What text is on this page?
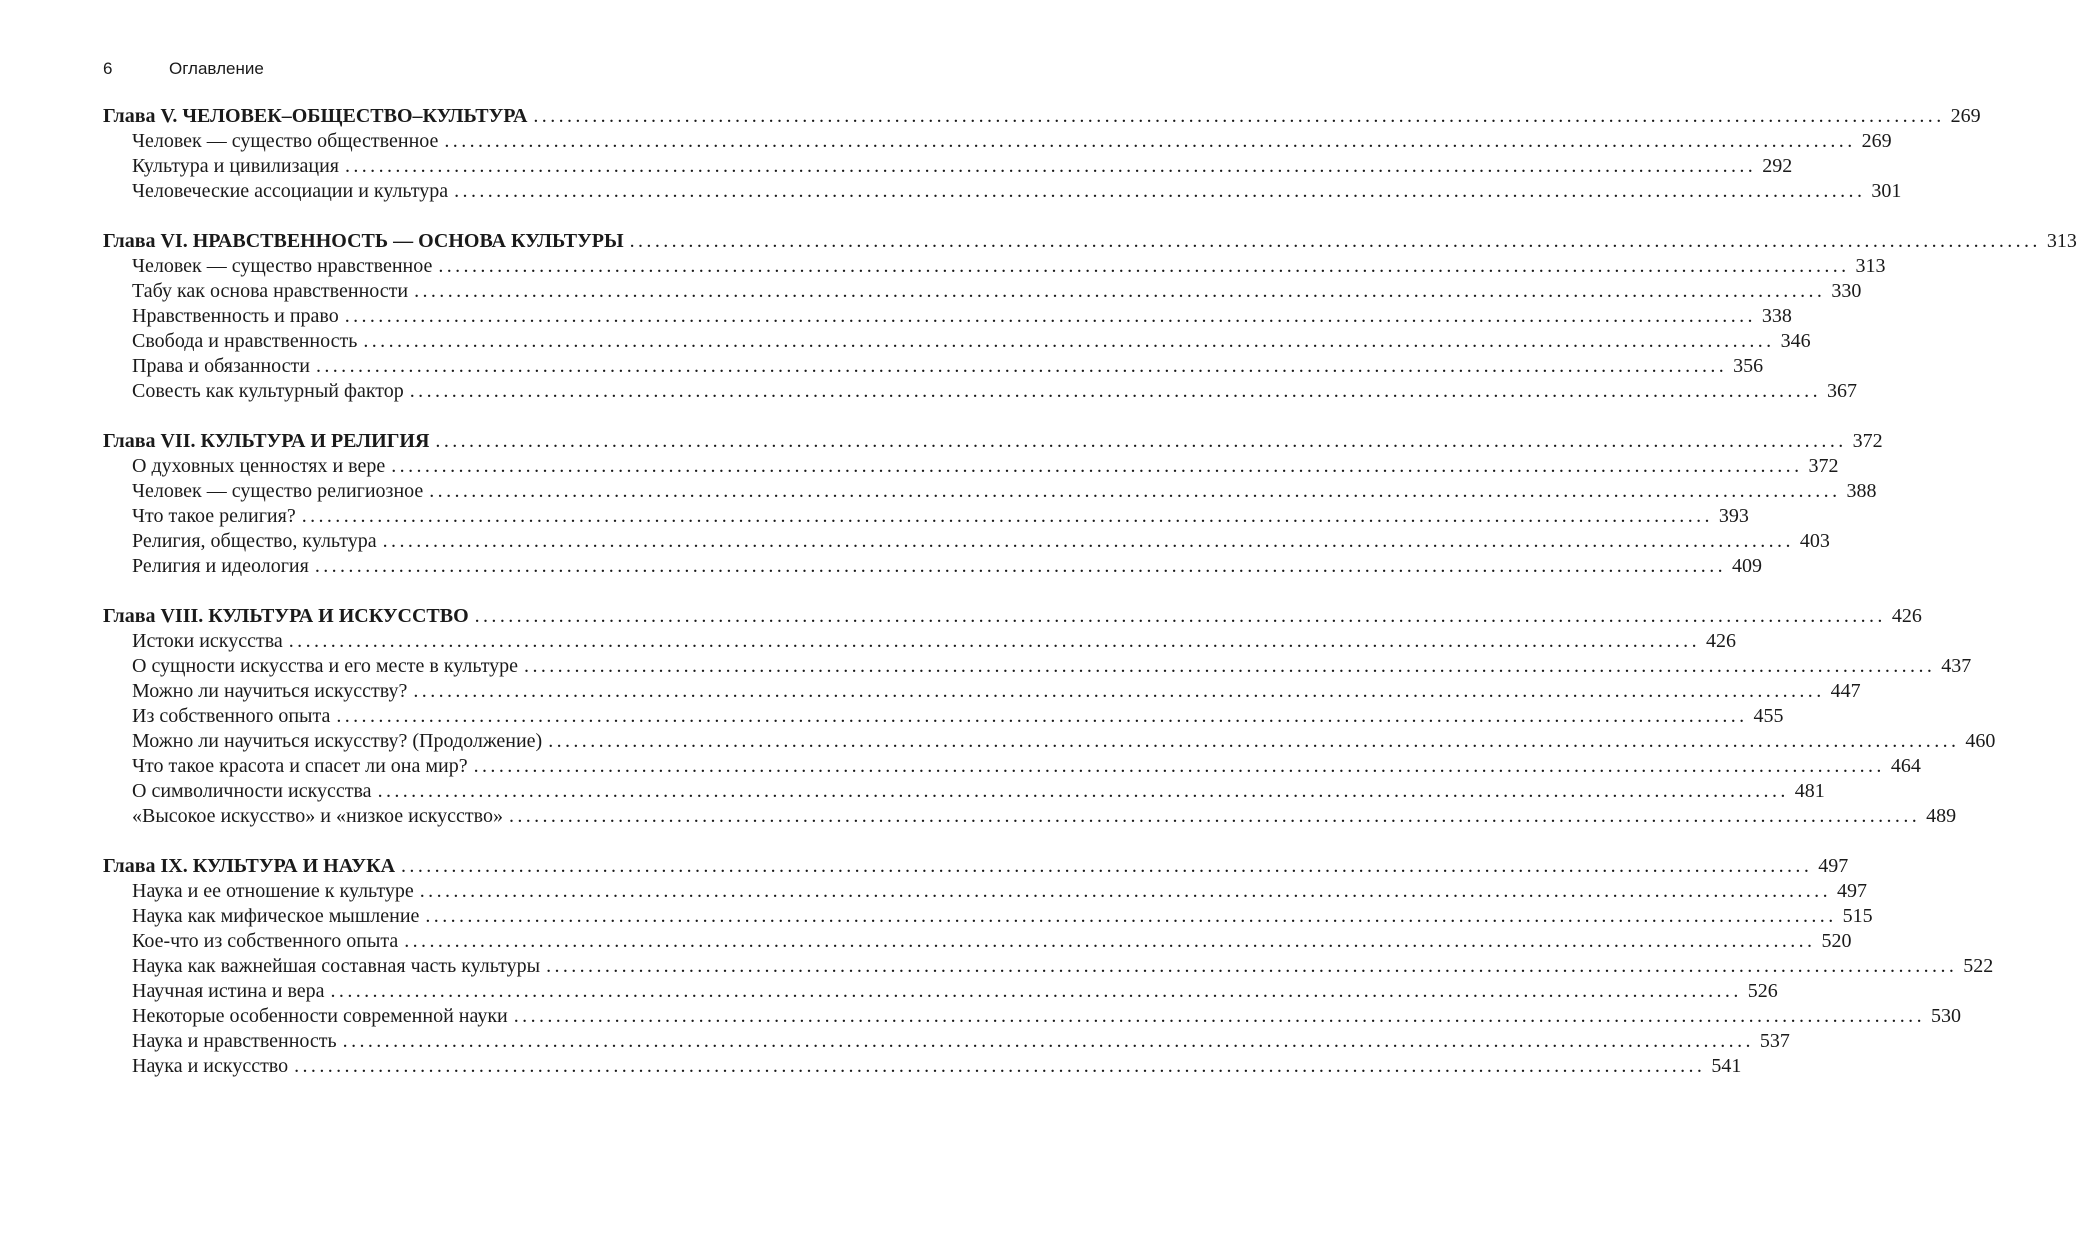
6	Оглавление
Глава V. ЧЕЛОВЕК–ОБЩЕСТВО–КУЛЬТУРА ........................................................................................................................................................................ 269
Человек — существо общественное ........................................................................................................................................................................ 269
Культура и цивилизация ........................................................................................................................................................................ 292
Человеческие ассоциации и культура ........................................................................................................................................................................ 301
Глава VI. НРАВСТВЕННОСТЬ — ОСНОВА КУЛЬТУРЫ ........................................................................................................................................................................ 313
Человек — существо нравственное ........................................................................................................................................................................ 313
Табу как основа нравственности ........................................................................................................................................................................ 330
Нравственность и право ........................................................................................................................................................................ 338
Свобода и нравственность ........................................................................................................................................................................ 346
Права и обязанности ........................................................................................................................................................................ 356
Совесть как культурный фактор ........................................................................................................................................................................ 367
Глава VII. КУЛЬТУРА И РЕЛИГИЯ ........................................................................................................................................................................ 372
О духовных ценностях и вере ........................................................................................................................................................................ 372
Человек — существо религиозное ........................................................................................................................................................................ 388
Что такое религия? ........................................................................................................................................................................ 393
Религия, общество, культура ........................................................................................................................................................................ 403
Религия и идеология ........................................................................................................................................................................ 409
Глава VIII. КУЛЬТУРА И ИСКУССТВО ........................................................................................................................................................................ 426
Истоки искусства ........................................................................................................................................................................ 426
О сущности искусства и его месте в культуре ........................................................................................................................................................................ 437
Можно ли научиться искусству? ........................................................................................................................................................................ 447
Из собственного опыта ........................................................................................................................................................................ 455
Можно ли научиться искусству? (Продолжение) ........................................................................................................................................................................ 460
Что такое красота и спасет ли она мир? ........................................................................................................................................................................ 464
О символичности искусства ........................................................................................................................................................................ 481
«Высокое искусство» и «низкое искусство» ........................................................................................................................................................................ 489
Глава IX. КУЛЬТУРА И НАУКА ........................................................................................................................................................................ 497
Наука и ее отношение к культуре ........................................................................................................................................................................ 497
Наука как мифическое мышление ........................................................................................................................................................................ 515
Кое-что из собственного опыта ........................................................................................................................................................................ 520
Наука как важнейшая составная часть культуры ........................................................................................................................................................................ 522
Научная истина и вера ........................................................................................................................................................................ 526
Некоторые особенности современной науки ........................................................................................................................................................................ 530
Наука и нравственность ........................................................................................................................................................................ 537
Наука и искусство ........................................................................................................................................................................ 541
